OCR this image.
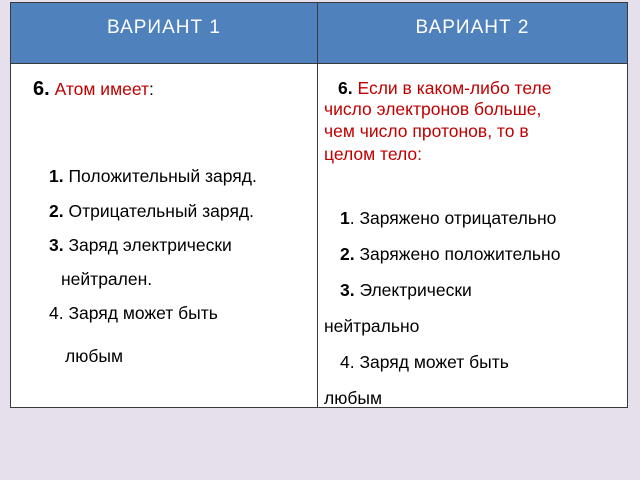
ВАРИАНТ 1	ВАРИАНТ 2
6. Атом имеет:
1. Положительный заряд.
2. Отрицательный заряд.
3. Заряд электрически
нейтрален.
4. Заряд может быть
любым
6. Если в каком-либо теле
число электронов больше,
чем число протонов, то в
целом тело:
1. Заряжено отрицательно
2. Заряжено положительно
3. Электрически
нейтрально
4. Заряд может быть
любым
